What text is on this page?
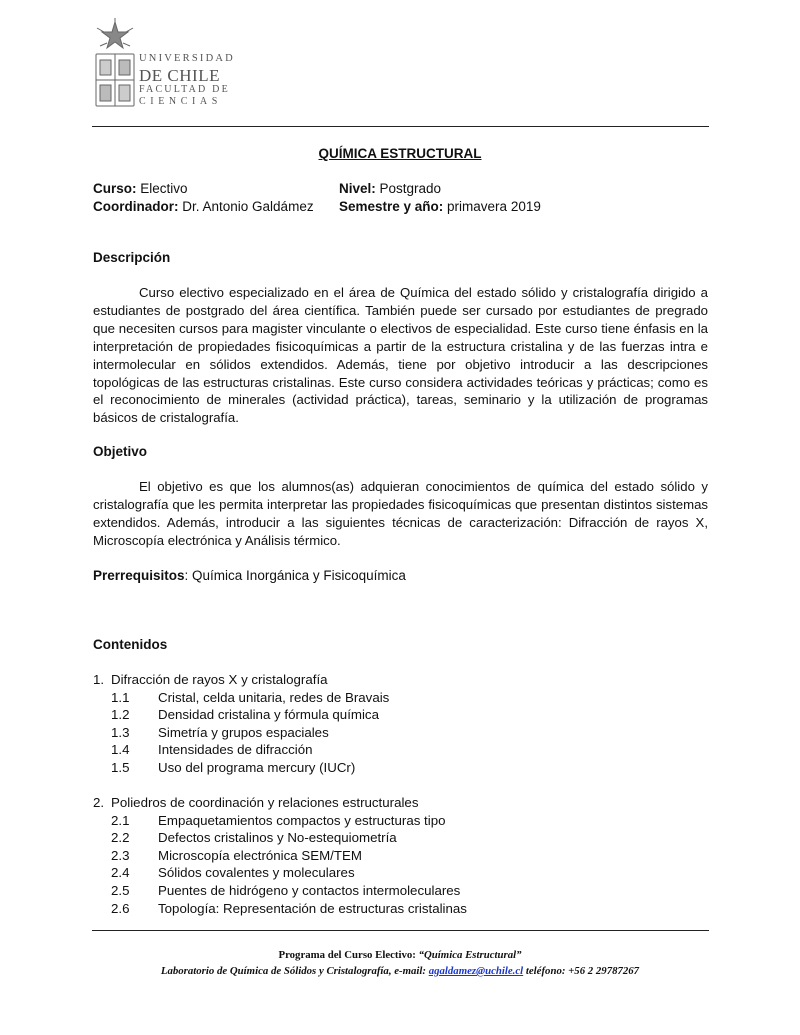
UNIVERSIDAD
DE CHILE
FACULTAD DE
CIENCIAS
QUÍMICA ESTRUCTURAL
Curso: Electivo	Nivel: Postgrado
Coordinador: Dr. Antonio Galdámez Semestre y año: primavera 2019
Descripción

Curso electivo especializado en el área de Química del estado sólido y cristalografía dirigido a estudiantes de postgrado del área científica. También puede ser cursado por estudiantes de pregrado que necesiten cursos para magister vinculante o electivos de especialidad. Este curso tiene énfasis en la interpretación de propiedades fisicoquímicas a partir de la estructura cristalina y de las fuerzas intra e intermolecular en sólidos extendidos. Además, tiene por objetivo introducir a las descripciones topológicas de las estructuras cristalinas. Este curso considera actividades teóricas y prácticas; como es el reconocimiento de minerales (actividad práctica), tareas, seminario y la utilización de programas básicos de cristalografía.

Objetivo

El objetivo es que los alumnos(as) adquieran conocimientos de química del estado sólido y cristalografía que les permita interpretar las propiedades fisicoquímicas que presentan distintos sistemas extendidos. Además, introducir a las siguientes técnicas de caracterización: Difracción de rayos X, Microscopía electrónica y Análisis térmico.

Prerrequisitos: Química Inorgánica y Fisicoquímica
Contenidos
1. Difracción de rayos X y cristalografía
1.1 Cristal, celda unitaria, redes de Bravais
1.2 Densidad cristalina y fórmula química
1.3 Simetría y grupos espaciales
1.4 Intensidades de difracción
1.5 Uso del programa mercury (IUCr)
2. Poliedros de coordinación y relaciones estructurales
2.1 Empaquetamientos compactos y estructuras tipo
2.2 Defectos cristalinos y No-estequiometría
2.3 Microscopía electrónica SEM/TEM
2.4 Sólidos covalentes y moleculares
2.5 Puentes de hidrógeno y contactos intermoleculares
2.6 Topología: Representación de estructuras cristalinas
Programa del Curso Electivo: “Química Estructural”
Laboratorio de Química de Sólidos y Cristalografía, e-mail: agaldamez@uchile.cl teléfono: +56 2 29787267
